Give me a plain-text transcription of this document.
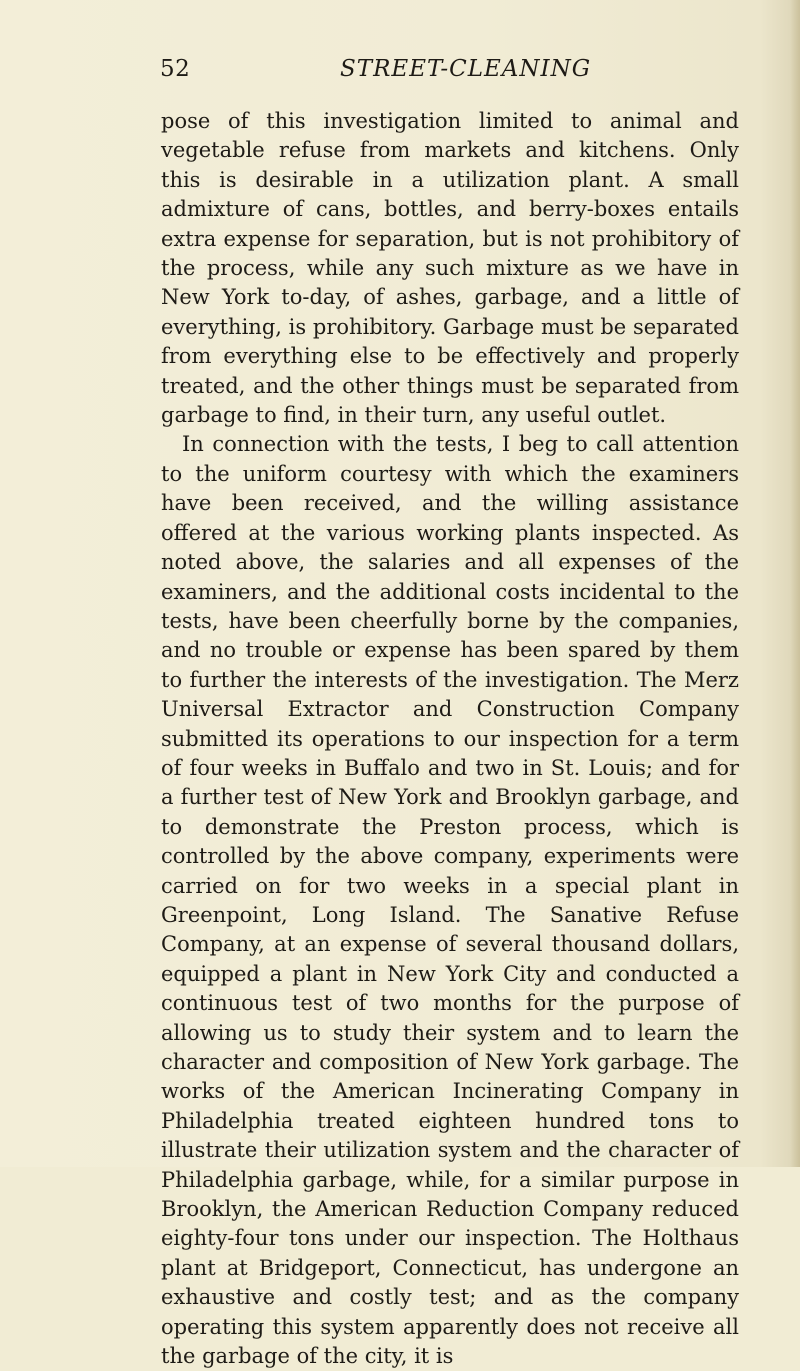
52	STREET-CLEANING

pose of this investigation limited to animal and vegetable refuse from markets and kitchens. Only this is desirable in a utilization plant. A small admixture of cans, bottles, and berry-boxes entails extra expense for separation, but is not prohibitory of the process, while any such mixture as we have in New York to-day, of ashes, garbage, and a little of everything, is prohibitory. Garbage must be separated from everything else to be effectively and properly treated, and the other things must be separated from garbage to find, in their turn, any useful outlet.

In connection with the tests, I beg to call attention to the uniform courtesy with which the examiners have been received, and the willing assistance offered at the various working plants inspected. As noted above, the salaries and all expenses of the examiners, and the additional costs incidental to the tests, have been cheerfully borne by the companies, and no trouble or expense has been spared by them to further the interests of the investigation. The Merz Universal Extractor and Construction Company submitted its operations to our inspection for a term of four weeks in Buffalo and two in St. Louis; and for a further test of New York and Brooklyn garbage, and to demonstrate the Preston process, which is controlled by the above company, experiments were carried on for two weeks in a special plant in Greenpoint, Long Island. The Sanative Refuse Company, at an expense of several thousand dollars, equipped a plant in New York City and conducted a continuous test of two months for the purpose of allowing us to study their system and to learn the character and composition of New York garbage. The works of the American Incinerating Company in Philadelphia treated eighteen hundred tons to illustrate their utilization system and the character of Philadelphia garbage, while, for a similar purpose in Brooklyn, the American Reduction Company reduced eighty-four tons under our inspection. The Holthaus plant at Bridgeport, Connecticut, has undergone an exhaustive and costly test; and as the company operating this system apparently does not receive all the garbage of the city, it is
